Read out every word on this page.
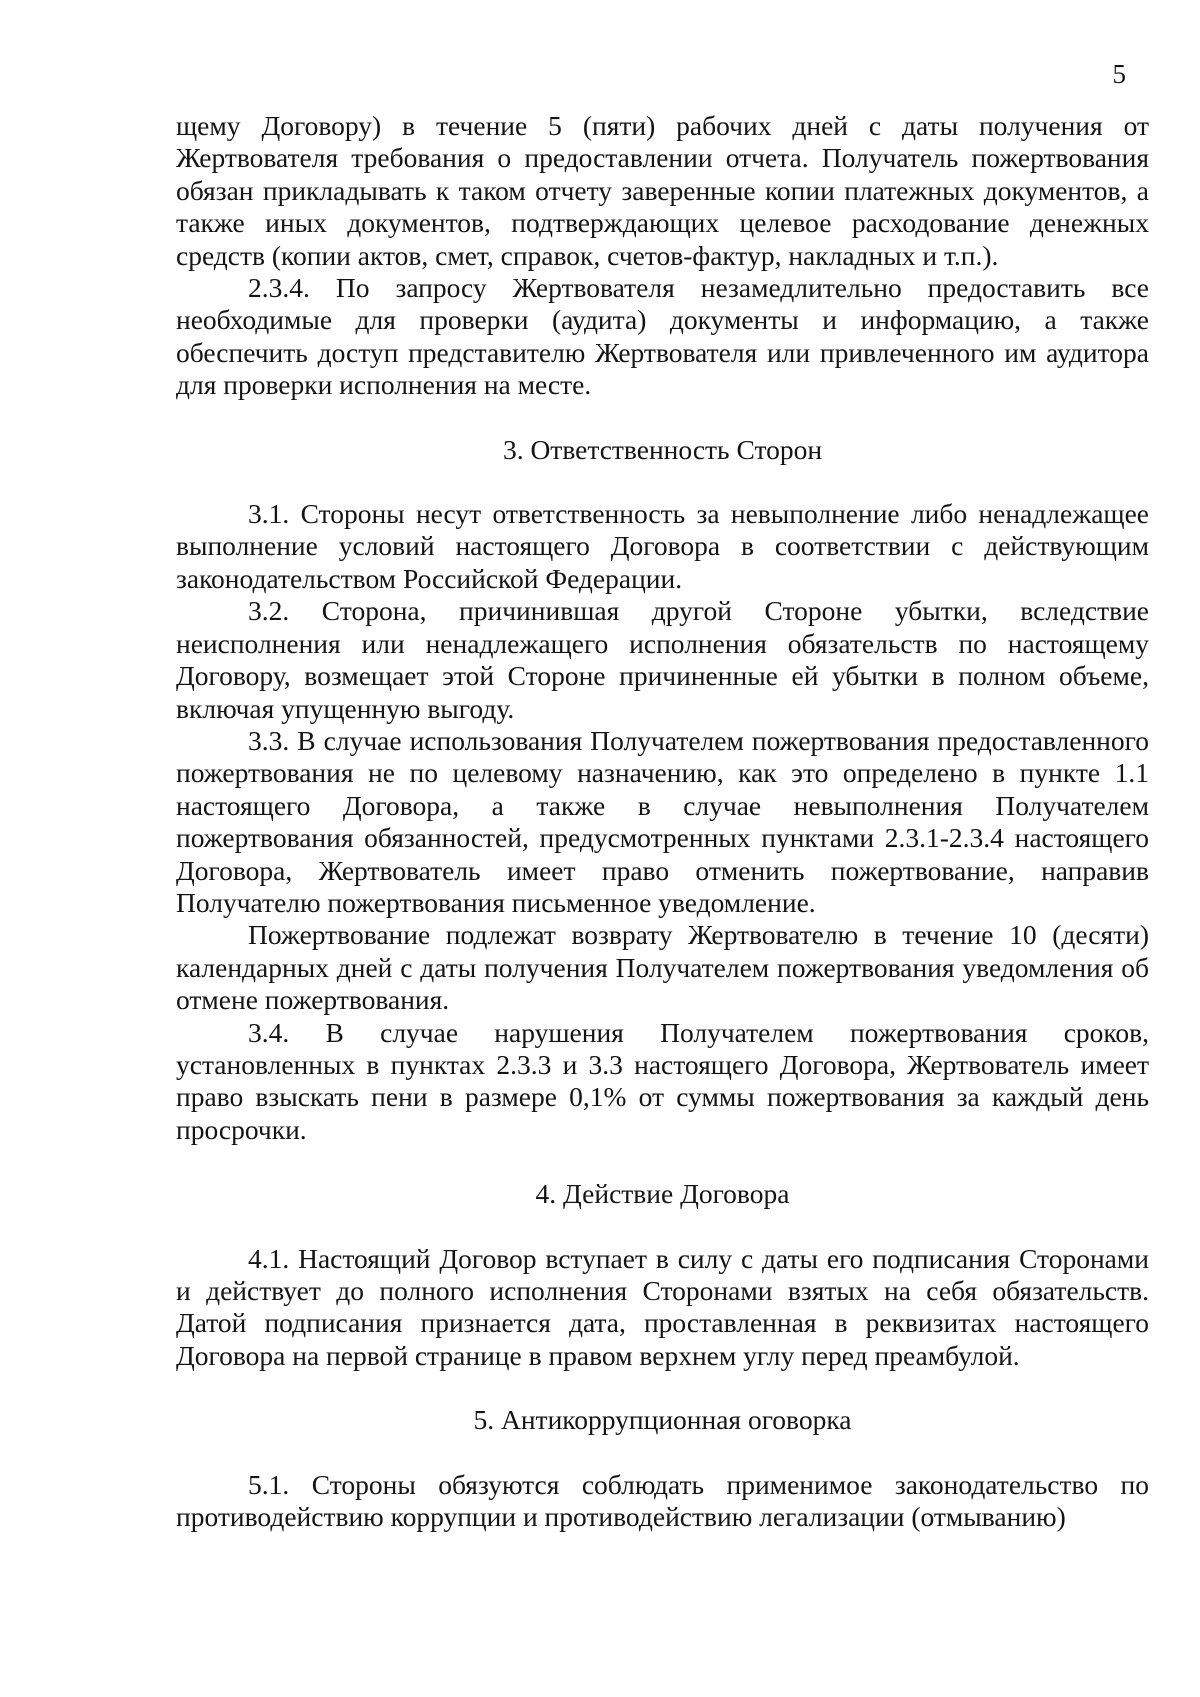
5

щему Договору) в течение 5 (пяти) рабочих дней с даты получения от Жертвователя требования о предоставлении отчета. Получатель пожертвования обязан прикладывать к таком отчету заверенные копии платежных документов, а также иных документов, подтверждающих целевое расходование денежных средств (копии актов, смет, справок, счетов-фактур, накладных и т.п.).

2.3.4. По запросу Жертвователя незамедлительно предоставить все необходимые для проверки (аудита) документы и информацию, а также обеспечить доступ представителю Жертвователя или привлеченного им аудитора для проверки исполнения на месте.

3. Ответственность Сторон

3.1. Стороны несут ответственность за невыполнение либо ненадлежащее выполнение условий настоящего Договора в соответствии с действующим законодательством Российской Федерации.

3.2. Сторона, причинившая другой Стороне убытки, вследствие неисполнения или ненадлежащего исполнения обязательств по настоящему Договору, возмещает этой Стороне причиненные ей убытки в полном объеме, включая упущенную выгоду.

3.3. В случае использования Получателем пожертвования предоставленного пожертвования не по целевому назначению, как это определено в пункте 1.1 настоящего Договора, а также в случае невыполнения Получателем пожертвования обязанностей, предусмотренных пунктами 2.3.1-2.3.4 настоящего Договора, Жертвователь имеет право отменить пожертвование, направив Получателю пожертвования письменное уведомление.

Пожертвование подлежат возврату Жертвователю в течение 10 (десяти) календарных дней с даты получения Получателем пожертвования уведомления об отмене пожертвования.

3.4. В случае нарушения Получателем пожертвования сроков, установленных в пунктах 2.3.3 и 3.3 настоящего Договора, Жертвователь имеет право взыскать пени в размере 0,1% от суммы пожертвования за каждый день просрочки.

4. Действие Договора

4.1. Настоящий Договор вступает в силу с даты его подписания Сторонами и действует до полного исполнения Сторонами взятых на себя обязательств. Датой подписания признается дата, проставленная в реквизитах настоящего Договора на первой странице в правом верхнем углу перед преамбулой.

5. Антикоррупционная оговорка

5.1. Стороны обязуются соблюдать применимое законодательство по противодействию коррупции и противодействию легализации (отмыванию)
